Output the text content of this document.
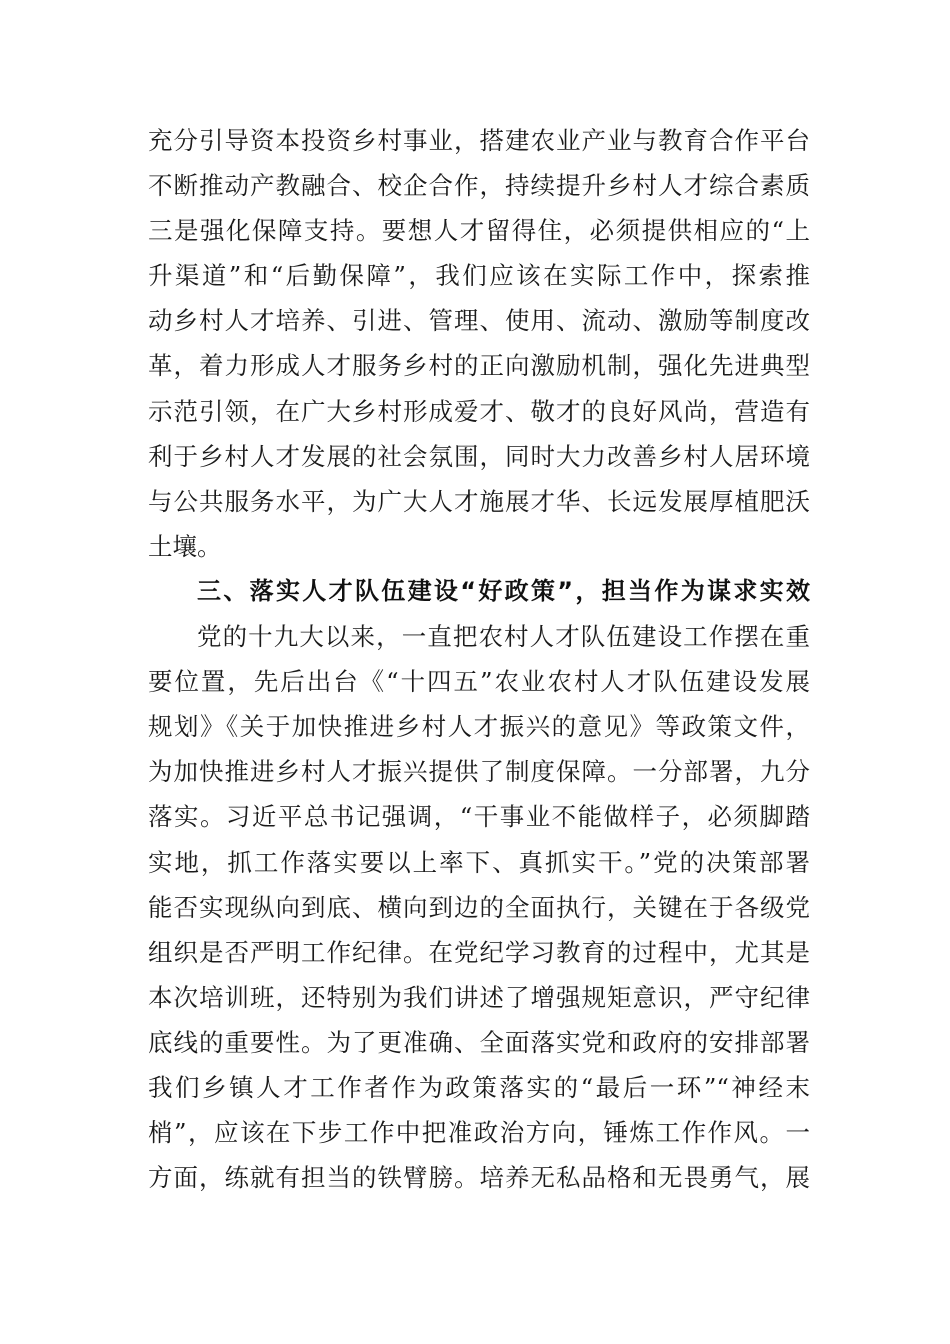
充分引导资本投资乡村事业，搭建农业产业与教育合作平台
不断推动产教融合、校企合作，持续提升乡村人才综合素质
三是强化保障支持。要想人才留得住，必须提供相应的“上
升渠道”和“后勤保障”，我们应该在实际工作中，探索推
动乡村人才培养、引进、管理、使用、流动、激励等制度改
革，着力形成人才服务乡村的正向激励机制，强化先进典型
示范引领，在广大乡村形成爱才、敬才的良好风尚，营造有
利于乡村人才发展的社会氛围，同时大力改善乡村人居环境
与公共服务水平，为广大人才施展才华、长远发展厚植肥沃
土壤。
三、落实人才队伍建设“好政策”，担当作为谋求实效
党的十九大以来，一直把农村人才队伍建设工作摆在重
要位置，先后出台《“十四五”农业农村人才队伍建设发展
规划》《关于加快推进乡村人才振兴的意见》等政策文件，
为加快推进乡村人才振兴提供了制度保障。一分部署，九分
落实。习近平总书记强调，“干事业不能做样子，必须脚踏
实地，抓工作落实要以上率下、真抓实干。”党的决策部署
能否实现纵向到底、横向到边的全面执行，关键在于各级党
组织是否严明工作纪律。在党纪学习教育的过程中，尤其是
本次培训班，还特别为我们讲述了增强规矩意识，严守纪律
底线的重要性。为了更准确、全面落实党和政府的安排部署
我们乡镇人才工作者作为政策落实的“最后一环”“神经末
梢”，应该在下步工作中把准政治方向，锤炼工作作风。一
方面，练就有担当的铁臂膀。培养无私品格和无畏勇气，展
